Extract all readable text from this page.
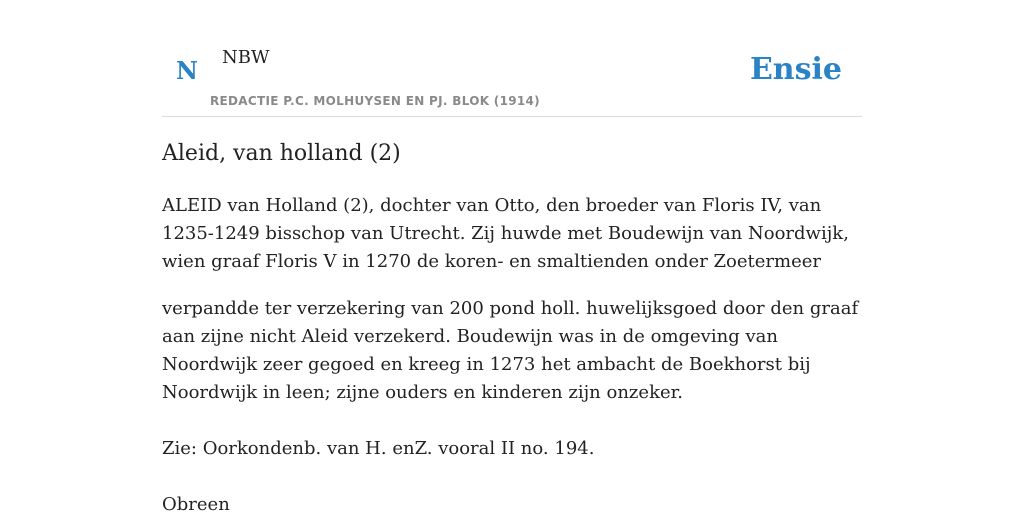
N NBW
REDACTIE P.C. MOLHUYSEN EN PJ. BLOK (1914)
Ensie
Aleid, van holland (2)

ALEID van Holland (2), dochter van Otto, den broeder van Floris IV, van 1235-1249 bisschop van Utrecht. Zij huwde met Boudewijn van Noordwijk, wien graaf Floris V in 1270 de koren- en smaltienden onder Zoetermeer

verpandde ter verzekering van 200 pond holl. huwelijksgoed door den graaf aan zijne nicht Aleid verzekerd. Boudewijn was in de omgeving van Noordwijk zeer gegoed en kreeg in 1273 het ambacht de Boekhorst bij Noordwijk in leen; zijne ouders en kinderen zijn onzeker.

Zie: Oorkondenb. van H. enZ. vooral II no. 194.

Obreen
